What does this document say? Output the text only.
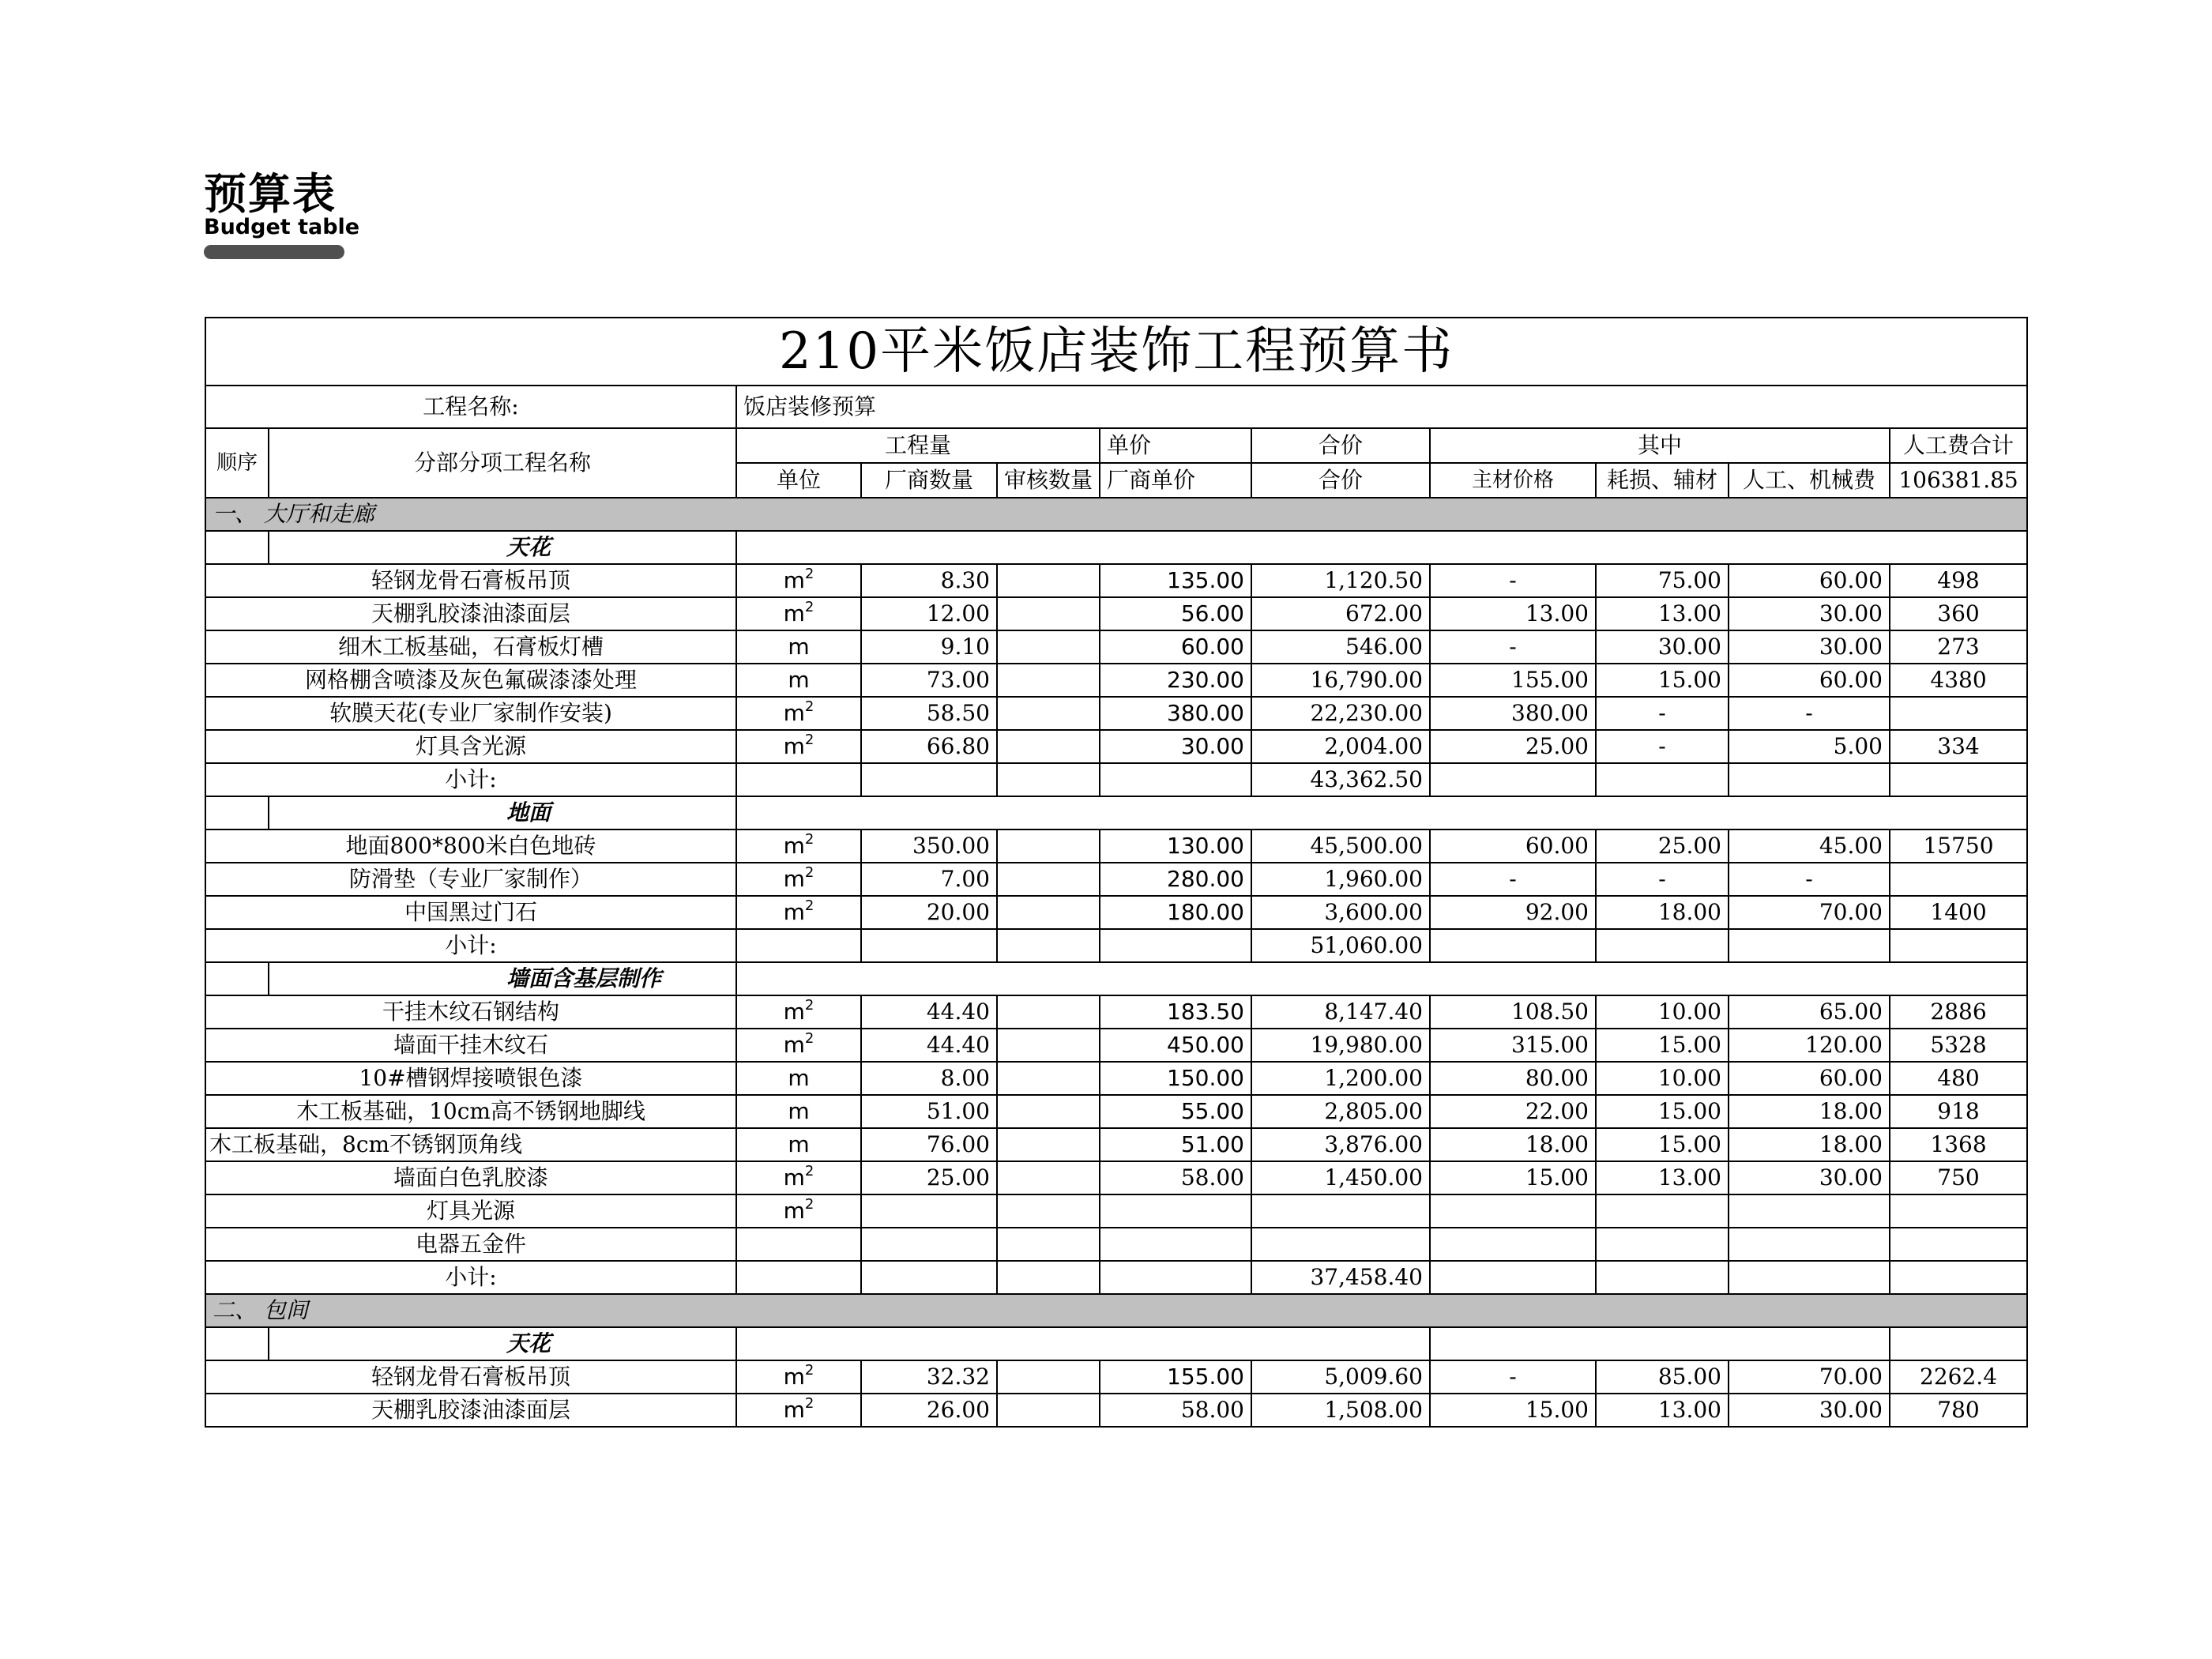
预算表
Budget table
210平米饭店装饰工程预算书										
工程名称:		饭店装修预算								
顺序	分部分项工程名称	工程量			单价	合价	其中			人工费合计
		单位	厂商数量	审核数量	厂商单价	合价	主材价格	耗损、辅材	人工、机械费	106381.85
一、 大厅和走廊										
	天花									
轻钢龙骨石膏板吊顶		$m^2$	8.30		135.00	1,120.50	-	75.00	60.00	498
天棚乳胶漆油漆面层		$m^2$	12.00		56.00	672.00	13.00	13.00	30.00	360
细木工板基础，石膏板灯槽		m	9.10		60.00	546.00	-	30.00	30.00	273
网格棚含喷漆及灰色氟碳漆漆处理		m	73.00		230.00	16,790.00	155.00	15.00	60.00	4380
软膜天花(专业厂家制作安装)		$m^2$	58.50		380.00	22,230.00	380.00	-	-	
灯具含光源		$m^2$	66.80		30.00	2,004.00	25.00	-	5.00	334
小计:						43,362.50				
	地面									
地面800*800米白色地砖		$m^2$	350.00		130.00	45,500.00	60.00	25.00	45.00	15750
防滑垫（专业厂家制作）		$m^2$	7.00		280.00	1,960.00	-	-	-	
中国黑过门石		$m^2$	20.00		180.00	3,600.00	92.00	18.00	70.00	1400
小计:						51,060.00				
	墙面含基层制作									
干挂木纹石钢结构		$m^2$	44.40		183.50	8,147.40	108.50	10.00	65.00	2886
墙面干挂木纹石		$m^2$	44.40		450.00	19,980.00	315.00	15.00	120.00	5328
10#槽钢焊接喷银色漆		m	8.00		150.00	1,200.00	80.00	10.00	60.00	480
木工板基础，10cm高不锈钢地脚线		m	51.00		55.00	2,805.00	22.00	15.00	18.00	918
木工板基础，8cm不锈钢顶角线		m	76.00		51.00	3,876.00	18.00	15.00	18.00	1368
墙面白色乳胶漆		$m^2$	25.00		58.00	1,450.00	15.00	13.00	30.00	750
灯具光源		$m^2$								
电器五金件										
小计:						37,458.40				
二、 包间										
	天花									
轻钢龙骨石膏板吊顶		$m^2$	32.32		155.00	5,009.60	-	85.00	70.00	2262.4
天棚乳胶漆油漆面层		$m^2$	26.00		58.00	1,508.00	15.00	13.00	30.00	780
